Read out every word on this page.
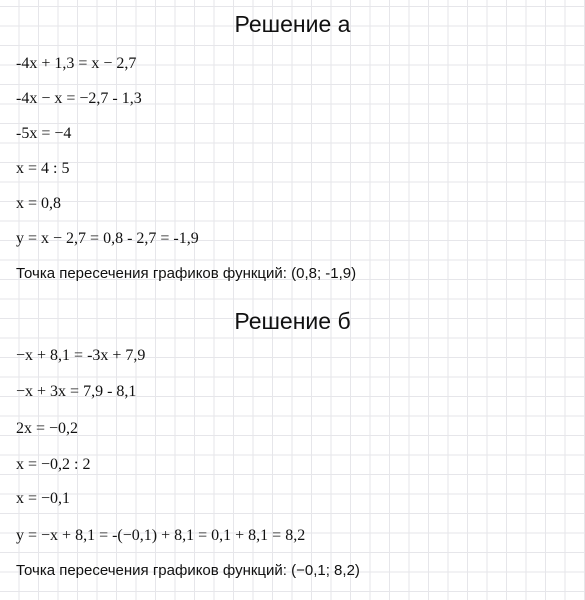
Решение а
-4x + 1,3 = x − 2,7
-4x − x = −2,7 - 1,3
-5x = −4
x = 4 : 5
x = 0,8
y = x − 2,7 = 0,8 - 2,7 = -1,9
Точка пересечения графиков функций: (0,8; -1,9)
Решение б
−x + 8,1 = -3x + 7,9
−x + 3x = 7,9 - 8,1
2x = −0,2
x = −0,2 : 2
x = −0,1
y = −x + 8,1 = -(−0,1) + 8,1 = 0,1 + 8,1 = 8,2
Точка пересечения графиков функций: (−0,1; 8,2)
